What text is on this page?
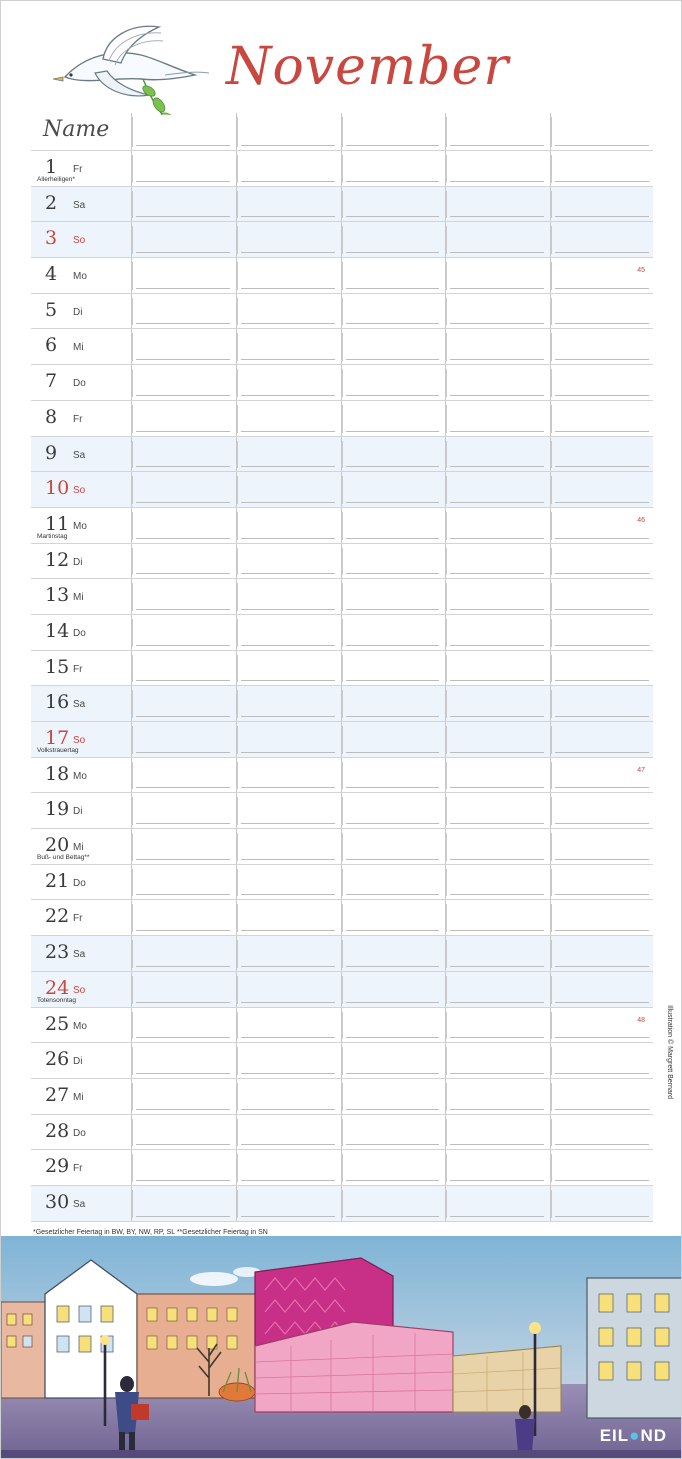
November
Name
1 Fr
Allerheiligen*
2 Sa
3 So
4 Mo
45
5 Di
6 Mi
7 Do
8 Fr
9 Sa
10 So
11 Mo
Martinstag
46
12 Di
13 Mi
14 Do
15 Fr
16 Sa
17 So
Volkstrauertag
18 Mo
47
19 Di
20 Mi
Buß- und Bettag**
21 Do
22 Fr
23 Sa
24 So
Totensonntag
25 Mo
48
26 Di
27 Mi
28 Do
29 Fr
30 Sa
*Gesetzlicher Feiertag in BW, BY, NW, RP, SL **Gesetzlicher Feiertag in SN
Illustration © Margrett Bernard
EIL●ND
